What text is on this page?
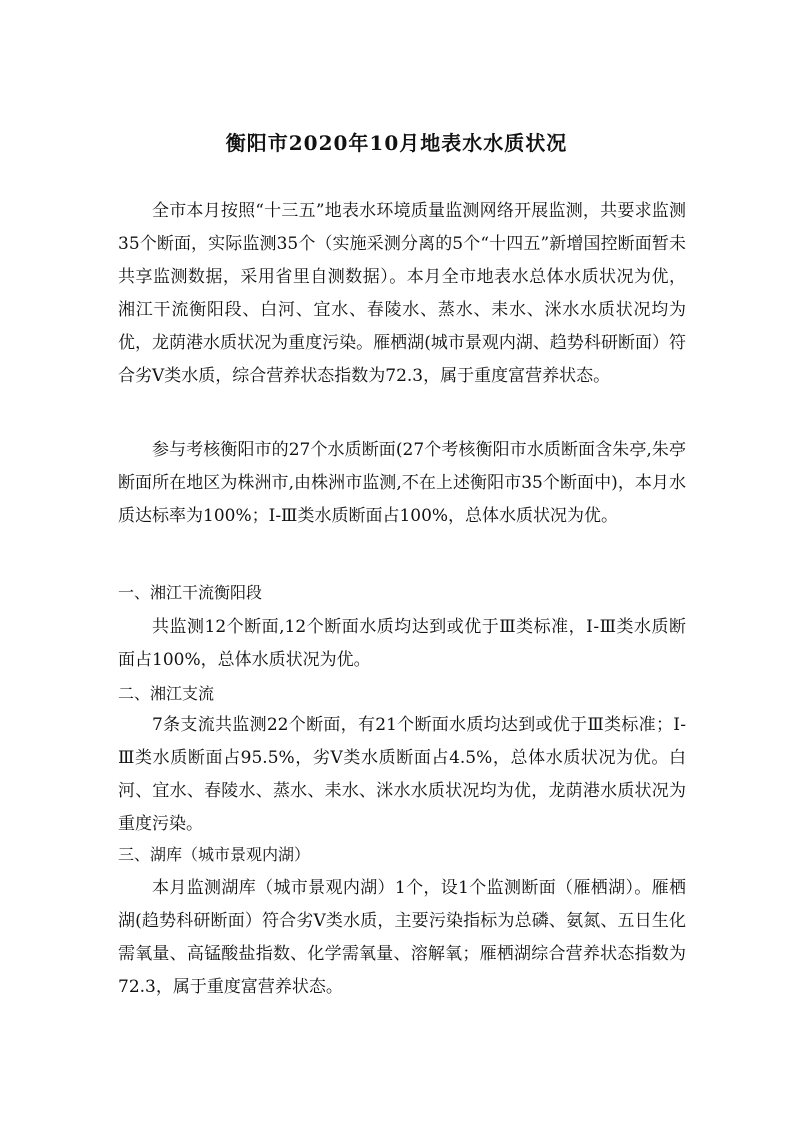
衡阳市2020年10月地表水水质状况

全市本月按照“十三五”地表水环境质量监测网络开展监测，共要求监测35个断面，实际监测35个（实施采测分离的5个“十四五”新增国控断面暂未共享监测数据，采用省里自测数据）。本月全市地表水总体水质状况为优，湘江干流衡阳段、白河、宜水、春陵水、蒸水、耒水、洣水水质状况均为优，龙荫港水质状况为重度污染。雁栖湖(城市景观内湖、趋势科研断面）符合劣Ⅴ类水质，综合营养状态指数为72.3，属于重度富营养状态。

参与考核衡阳市的27个水质断面(27个考核衡阳市水质断面含朱亭,朱亭断面所在地区为株洲市,由株洲市监测,不在上述衡阳市35个断面中)，本月水质达标率为100%；Ⅰ-Ⅲ类水质断面占100%，总体水质状况为优。

一、湘江干流衡阳段

共监测12个断面,12个断面水质均达到或优于Ⅲ类标准，Ⅰ-Ⅲ类水质断面占100%，总体水质状况为优。

二、湘江支流

7条支流共监测22个断面，有21个断面水质均达到或优于Ⅲ类标准；Ⅰ-Ⅲ类水质断面占95.5%，劣Ⅴ类水质断面占4.5%，总体水质状况为优。白河、宜水、春陵水、蒸水、耒水、洣水水质状况均为优，龙荫港水质状况为重度污染。

三、湖库（城市景观内湖）

本月监测湖库（城市景观内湖）1个，设1个监测断面（雁栖湖）。雁栖湖(趋势科研断面）符合劣Ⅴ类水质，主要污染指标为总磷、氨氮、五日生化需氧量、高锰酸盐指数、化学需氧量、溶解氧；雁栖湖综合营养状态指数为72.3，属于重度富营养状态。
